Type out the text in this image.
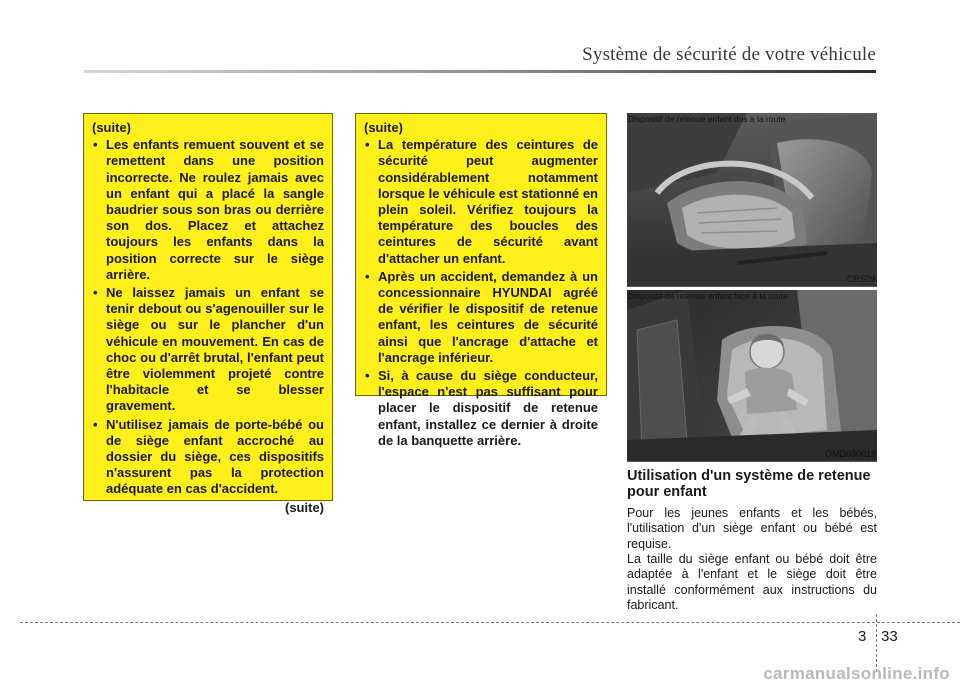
Système de sécurité de votre véhicule
(suite)
• Les enfants remuent souvent et se remettent dans une position incorrecte. Ne roulez jamais avec un enfant qui a placé la sangle baudrier sous son bras ou derrière son dos. Placez et attachez toujours les enfants dans la position correcte sur le siège arrière.
• Ne laissez jamais un enfant se tenir debout ou s'agenouiller sur le siège ou sur le plancher d'un véhicule en mouvement. En cas de choc ou d'arrêt brutal, l'enfant peut être violemment projeté contre l'habitacle et se blesser gravement.
• N'utilisez jamais de porte-bébé ou de siège enfant accroché au dossier du siège, ces dispositifs n'assurent pas la protection adéquate en cas d'accident.
(suite)
(suite)
• La température des ceintures de sécurité peut augmenter considérablement notamment lorsque le véhicule est stationné en plein soleil. Vérifiez toujours la température des boucles des ceintures de sécurité avant d'attacher un enfant.
• Après un accident, demandez à un concessionnaire HYUNDAI agréé de vérifier le dispositif de retenue enfant, les ceintures de sécurité ainsi que l'ancrage d'attache et l'ancrage inférieur.
• Si, à cause du siège conducteur, l'espace n'est pas suffisant pour placer le dispositif de retenue enfant, installez ce dernier à droite de la banquette arrière.
Dispositif de retenue enfant dos à la route
CRS09
Dispositif de retenue enfant face à la route
OMD030019
Utilisation d'un système de retenue pour enfant

Pour les jeunes enfants et les bébés, l'utilisation d'un siège enfant ou bébé est requise.

La taille du siège enfant ou bébé doit être adaptée à l'enfant et le siège doit être installé conformément aux instructions du fabricant.

3 33
carmanualsonline.info
